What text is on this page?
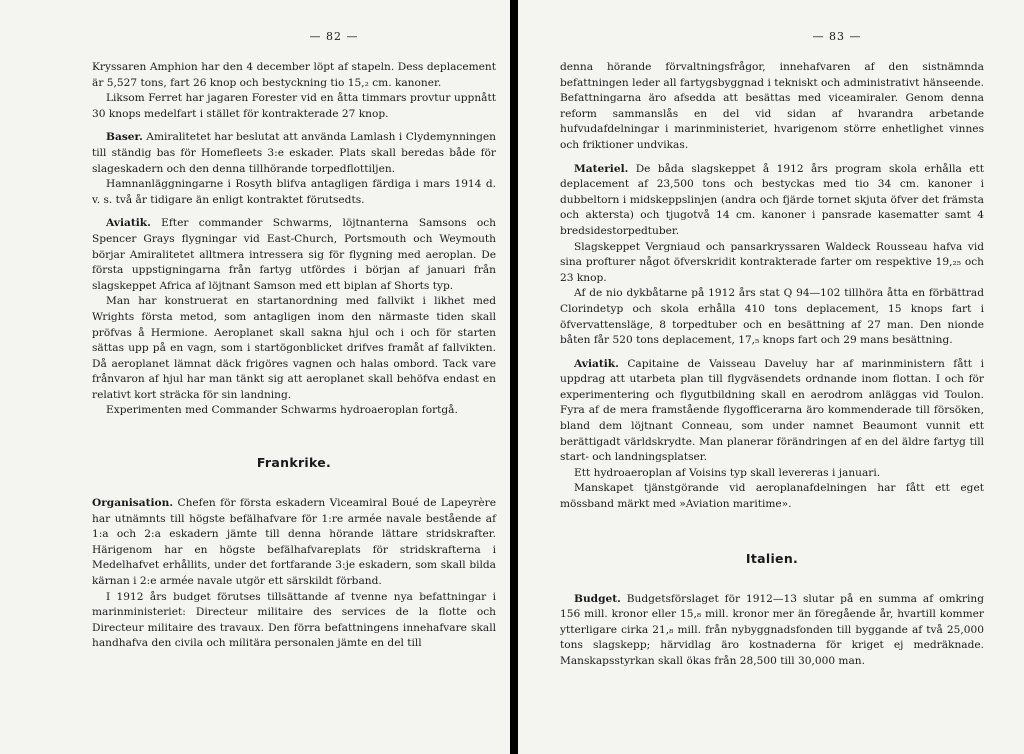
— 82 —

Kryssaren Amphion har den 4 december löpt af stapeln. Dess deplacement är 5,527 tons, fart 26 knop och bestyckning tio 15,₂ cm. kanoner.

Liksom Ferret har jagaren Forester vid en åtta timmars provtur uppnått 30 knops medelfart i stället för kontrakterade 27 knop.

Baser. Amiralitetet har beslutat att använda Lamlash i Clydemynningen till ständig bas för Homefleets 3:e eskader. Plats skall beredas både för slageskadern och den denna tillhörande torpedflottiljen.

Hamnanläggningarne i Rosyth blifva antagligen färdiga i mars 1914 d. v. s. två år tidigare än enligt kontraktet förutsedts.

Aviatik. Efter commander Schwarms, löjtnanterna Samsons och Spencer Grays flygningar vid East-Church, Portsmouth och Weymouth börjar Amiralitetet alltmera intressera sig för flygning med aeroplan. De första uppstigningarna från fartyg utfördes i början af januari från slagskeppet Africa af löjtnant Samson med ett biplan af Shorts typ.

Man har konstruerat en startanordning med fallvikt i likhet med Wrights första metod, som antagligen inom den närmaste tiden skall pröfvas å Hermione. Aeroplanet skall sakna hjul och i och för starten sättas upp på en vagn, som i startögonblicket drifves framåt af fallvikten. Då aeroplanet lämnat däck frigöres vagnen och halas ombord. Tack vare frånvaron af hjul har man tänkt sig att aeroplanet skall behöfva endast en relativt kort sträcka för sin landning.

Experimenten med Commander Schwarms hydroaeroplan fortgå.

Frankrike.

Organisation. Chefen för första eskadern Viceamiral Boué de Lapeyrère har utnämnts till högste befälhafvare för 1:re armée navale bestående af 1:a och 2:a eskadern jämte till denna hörande lättare stridskrafter. Härigenom har en högste befälhafvareplats för stridskrafterna i Medelhafvet erhållits, under det fortfarande 3:je eskadern, som skall bilda kärnan i 2:e armée navale utgör ett särskildt förband.

I 1912 års budget förutses tillsättande af tvenne nya befattningar i marinministeriet: Directeur militaire des services de la flotte och Directeur militaire des travaux. Den förra befattningens innehafvare skall handhafva den civila och militära personalen jämte en del till

— 83 —

denna hörande förvaltningsfrågor, innehafvaren af den sistnämnda befattningen leder all fartygsbyggnad i tekniskt och administrativt hänseende. Befattningarna äro afsedda att besättas med viceamiraler. Genom denna reform sammanslås en del vid sidan af hvarandra arbetande hufvudafdelningar i marinministeriet, hvarigenom större enhetlighet vinnes och friktioner undvikas.

Materiel. De båda slagskeppet å 1912 års program skola erhålla ett deplacement af 23,500 tons och bestyckas med tio 34 cm. kanoner i dubbeltorn i midskeppslinjen (andra och fjärde tornet skjuta öfver det främsta och aktersta) och tjugotvå 14 cm. kanoner i pansrade kasematter samt 4 bredsidestorpedtuber.

Slagskeppet Vergniaud och pansarkryssaren Waldeck Rousseau hafva vid sina profturer något öfverskridit kontrakterade farter om respektive 19,₂₅ och 23 knop.

Af de nio dykbåtarne på 1912 års stat Q 94—102 tillhöra åtta en förbättrad Clorindetyp och skola erhålla 410 tons deplacement, 15 knops fart i öfvervattensläge, 8 torpedtuber och en besättning af 27 man. Den nionde båten får 520 tons deplacement, 17,₅ knops fart och 29 mans besättning.

Aviatik. Capitaine de Vaisseau Daveluy har af marinministern fått i uppdrag att utarbeta plan till flygväsendets ordnande inom flottan. I och för experimentering och flygutbildning skall en aerodrom anläggas vid Toulon. Fyra af de mera framstående flygofficerarna äro kommenderade till försöken, bland dem löjtnant Conneau, som under namnet Beaumont vunnit ett berättigadt världskrydte. Man planerar förändringen af en del äldre fartyg till start- och landningsplatser.

Ett hydroaeroplan af Voisins typ skall levereras i januari.

Manskapet tjänstgörande vid aeroplanafdelningen har fått ett eget mössband märkt med »Aviation maritime».

Italien.

Budget. Budgetsförslaget för 1912—13 slutar på en summa af omkring 156 mill. kronor eller 15,₈ mill. kronor mer än föregående år, hvartill kommer ytterligare cirka 21,₈ mill. från nybyggnadsfonden till byggande af två 25,000 tons slagskepp; härvidlag äro kostnaderna för kriget ej medräknade. Manskapsstyrkan skall ökas från 28,500 till 30,000 man.
